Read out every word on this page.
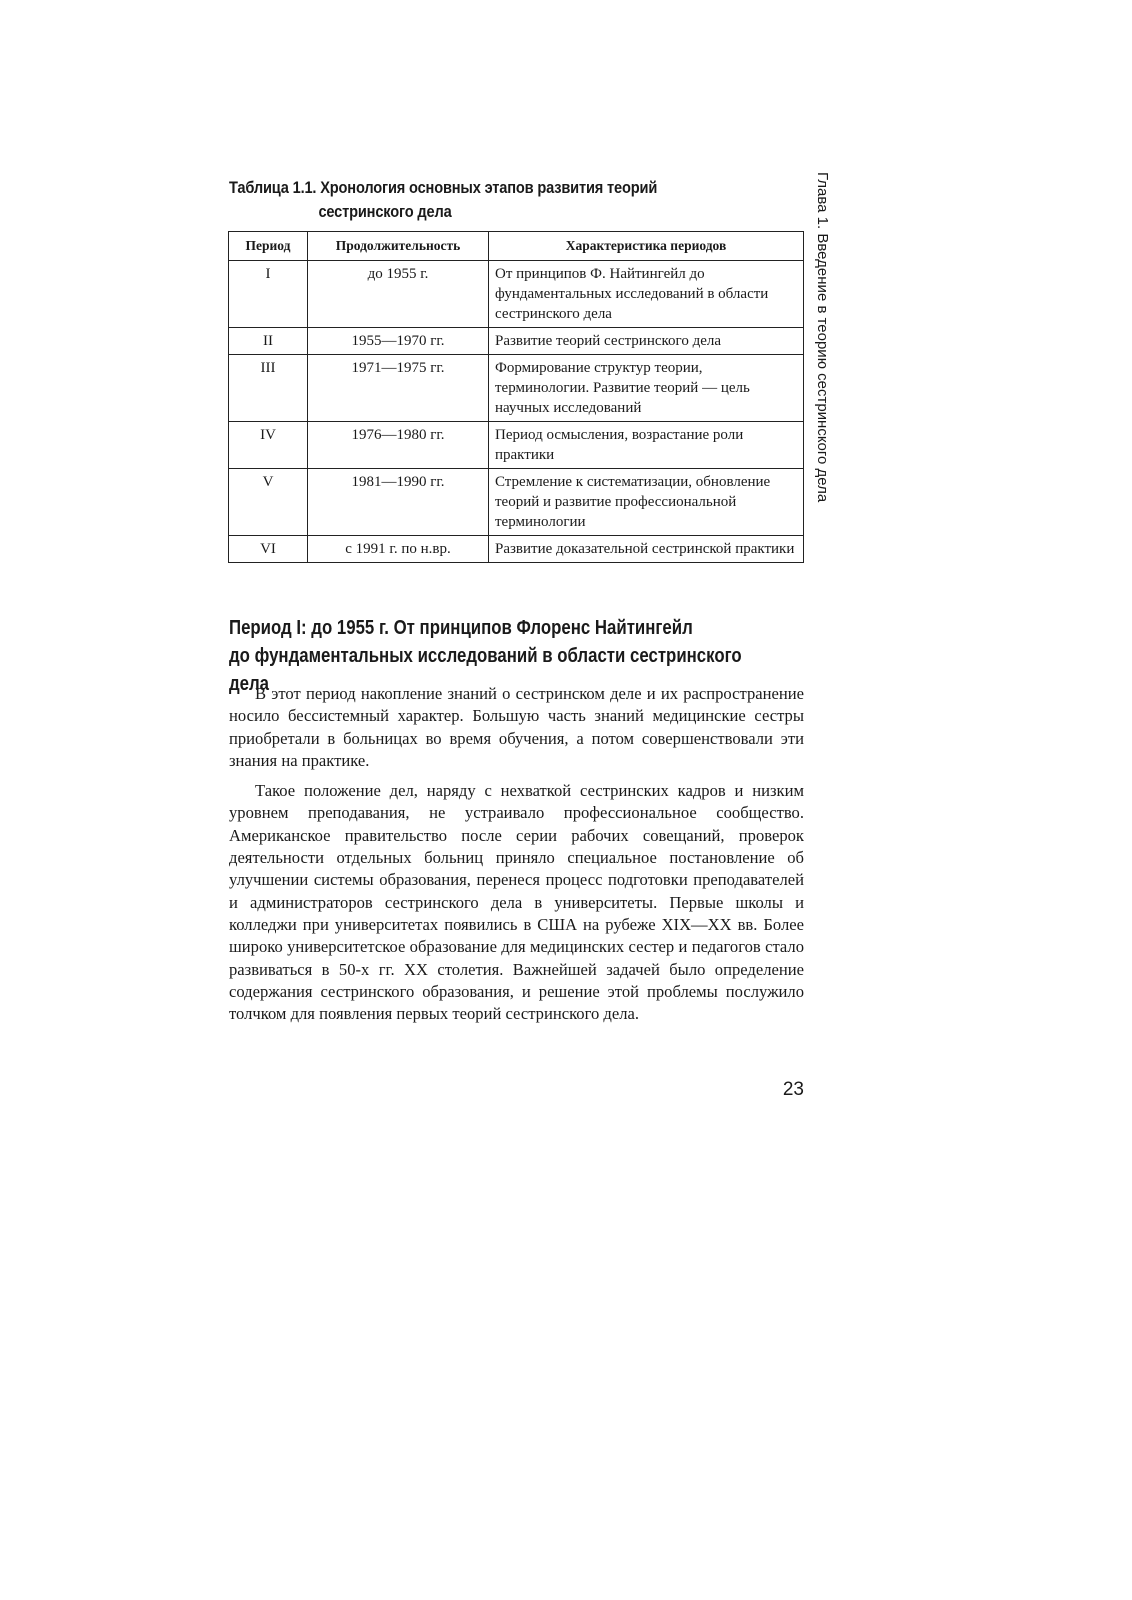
Таблица 1.1. Хронология основных этапов развития теорий
сестринского дела
Период	Продолжительность	Характеристика периодов
I	до 1955 г.	От принципов Ф. Найтингейл до фундаментальных исследований в области сестринского дела
II	1955—1970 гг.	Развитие теорий сестринского дела
III	1971—1975 гг.	Формирование структур теории, терминологии. Развитие теорий — цель научных исследований
IV	1976—1980 гг.	Период осмысления, возрастание роли практики
V	1981—1990 гг.	Стремление к систематизации, обновление теорий и развитие профессиональной терминологии
VI	с 1991 г. по н.вр.	Развитие доказательной сестринской практики
Глава 1. Введение в теорию сестринского дела
Период I: до 1955 г. От принципов Флоренс Найтингейл
до фундаментальных исследований в области сестринского дела

В этот период накопление знаний о сестринском деле и их распространение носило бессистемный характер. Большую часть знаний медицинские сестры приобретали в больницах во время обучения, а потом совершенствовали эти знания на практике.

Такое положение дел, наряду с нехваткой сестринских кадров и низким уровнем преподавания, не устраивало профессиональное сообщество. Американское правительство после серии рабочих совещаний, проверок деятельности отдельных больниц приняло специальное постановление об улучшении системы образования, перенеся процесс подготовки преподавателей и администраторов сестринского дела в университеты. Первые школы и колледжи при университетах появились в США на рубеже XIX—XX вв. Более широко университетское образование для медицинских сестер и педагогов стало развиваться в 50-х гг. XX столетия. Важнейшей задачей было определение содержания сестринского образования, и решение этой проблемы послужило толчком для появления первых теорий сестринского дела.

23
